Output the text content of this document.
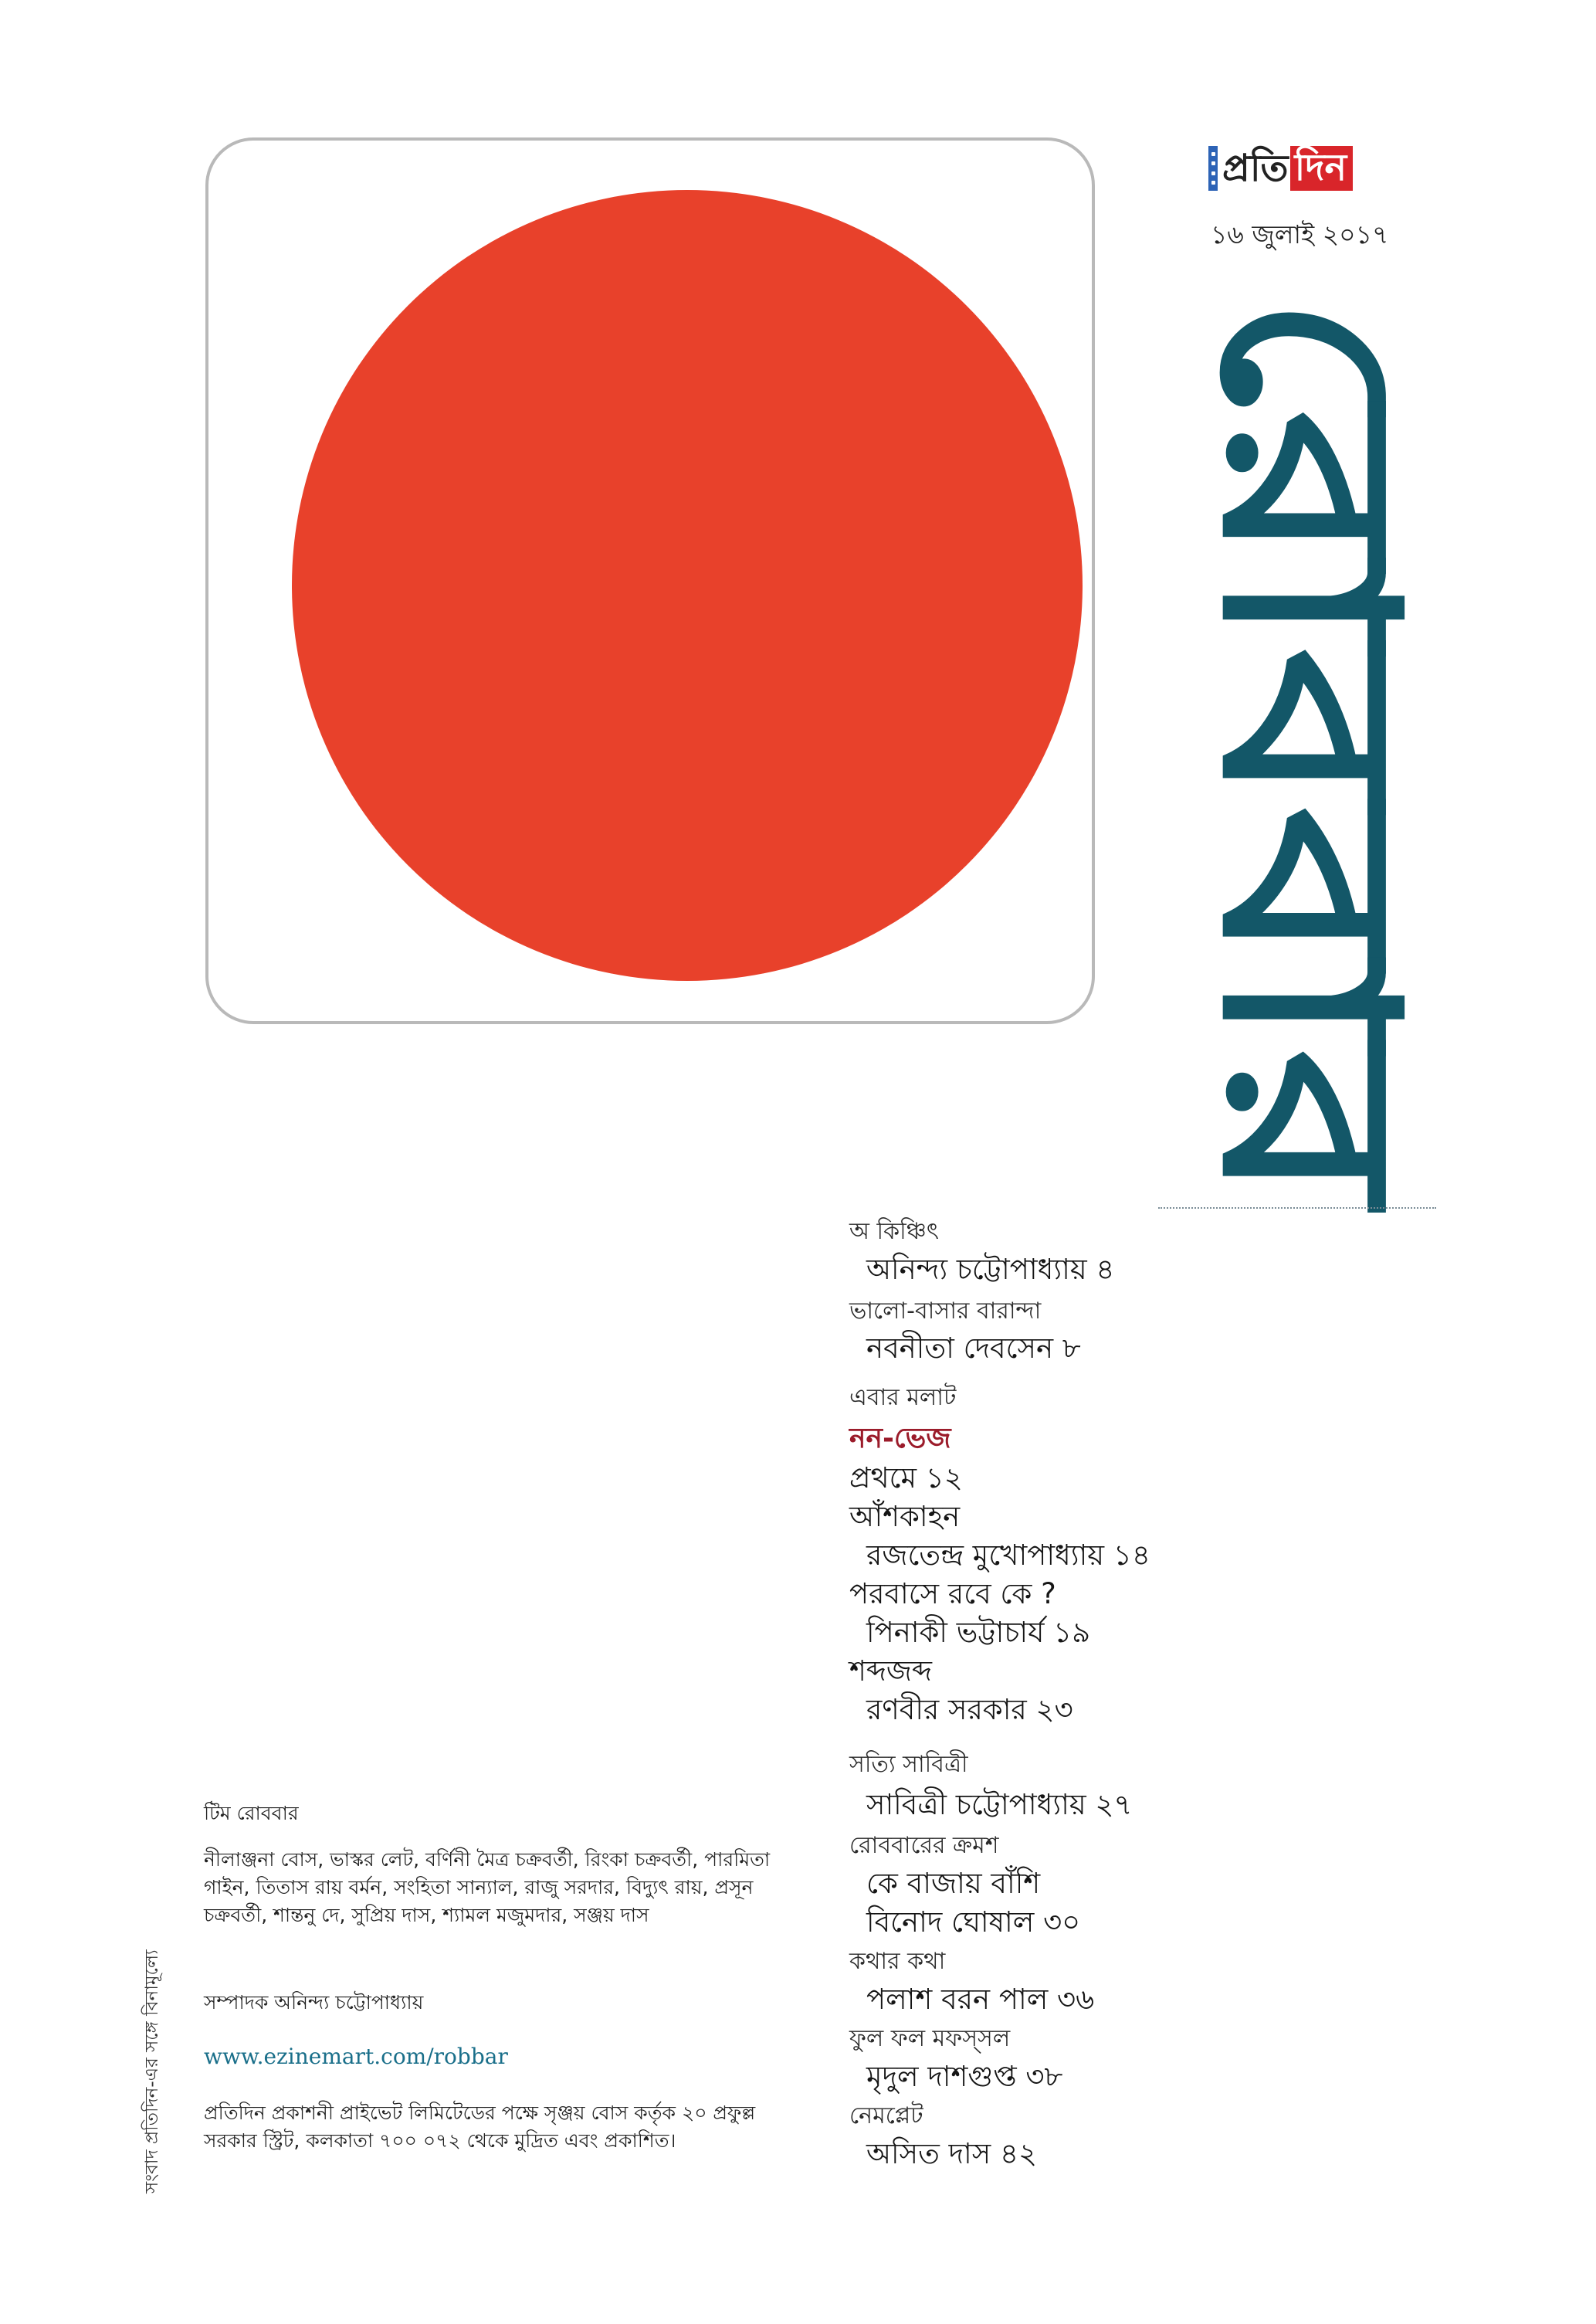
প্রতি দিন
১৬ জুলাই ২০১৭
রোববার
অ কিঞ্চিৎ
অনিন্দ্য চট্টোপাধ্যায় ৪
ভালো-বাসার বারান্দা
নবনীতা দেবসেন ৮
এবার মলাট
নন-ভেজ
প্রথমে ১২
আঁশকাহন
রজতেন্দ্র মুখোপাধ্যায় ১৪
পরবাসে রবে কে ?
পিনাকী ভট্টাচার্য ১৯
শব্দজব্দ
রণবীর সরকার ২৩
সত্যি সাবিত্রী
সাবিত্রী চট্টোপাধ্যায় ২৭
রোববারের ক্রমশ
কে বাজায় বাঁশি
বিনোদ ঘোষাল ৩০
কথার কথা
পলাশ বরন পাল ৩৬
ফুল ফল মফস্সল
মৃদুল দাশগুপ্ত ৩৮
নেমপ্লেট
অসিত দাস ৪২
টিম রোববার
নীলাঞ্জনা বোস, ভাস্কর লেট, বর্ণিনী মৈত্র চক্রবর্তী, রিংকা চক্রবর্তী, পারমিতা গাইন, তিতাস রায় বর্মন, সংহিতা সান্যাল, রাজু সরদার, বিদ্যুৎ রায়, প্রসূন চক্রবর্তী, শান্তনু দে, সুপ্রিয় দাস, শ্যামল মজুমদার, সঞ্জয় দাস
সম্পাদক অনিন্দ্য চট্টোপাধ্যায়
www.ezinemart.com/robbar
প্রতিদিন প্রকাশনী প্রাইভেট লিমিটেডের পক্ষে সৃঞ্জয় বোস কর্তৃক ২০ প্রফুল্ল সরকার স্ট্রিট, কলকাতা ৭০০ ০৭২ থেকে মুদ্রিত এবং প্রকাশিত।
সংবাদ প্রতিদিন-এর সঙ্গে বিনামূল্যে
